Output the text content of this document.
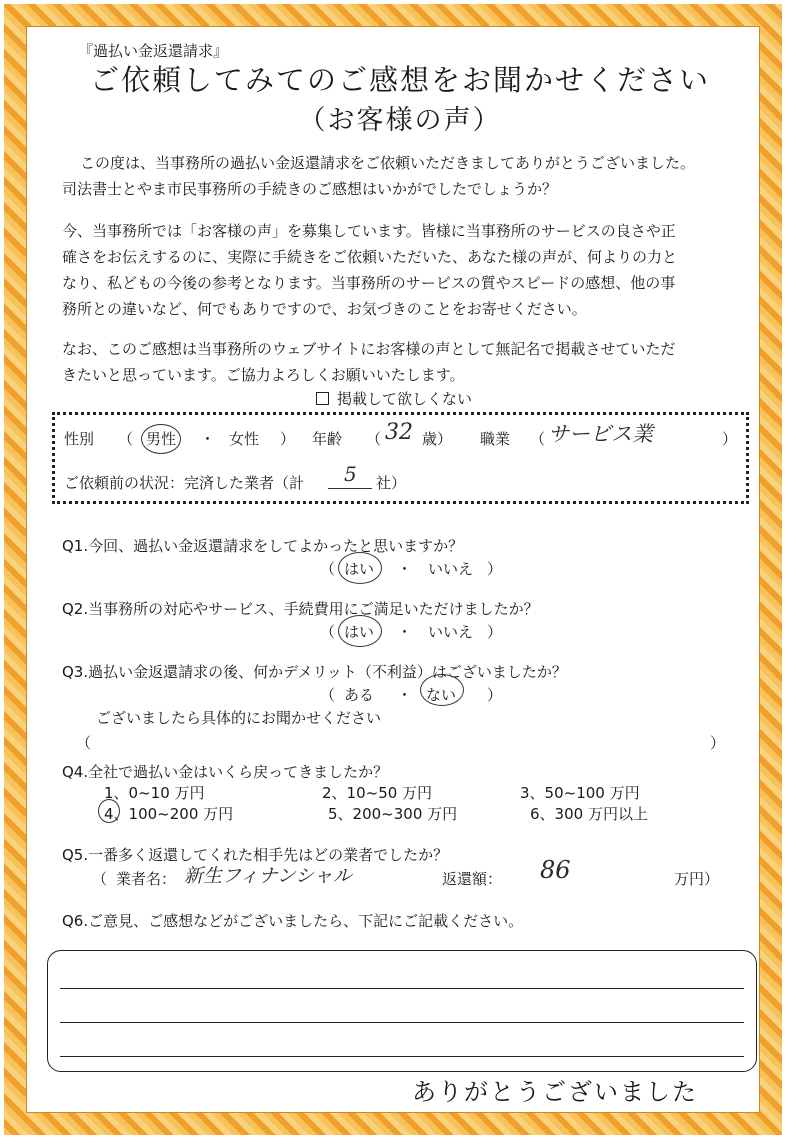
『過払い金返還請求』
ご依頼してみてのご感想をお聞かせください
（お客様の声）
この度は、当事務所の過払い金返還請求をご依頼いただきましてありがとうございました。
司法書士とやま市民事務所の手続きのご感想はいかがでしたでしょうか？
今、当事務所では「お客様の声」を募集しています。皆様に当事務所のサービスの良さや正
確さをお伝えするのに、実際に手続きをご依頼いただいた、あなた様の声が、何よりの力と
なり、私どもの今後の参考となります。当事務所のサービスの質やスピードの感想、他の事
務所との違いなど、何でもありですので、お気づきのことをお寄せください。
なお、このご感想は当事務所のウェブサイトにお客様の声として無記名で掲載させていただ
きたいと思っています。ご協力よろしくお願いいたします。
掲載して欲しくない
性別 （ 男性 ・ 女性 ） 年齢 （ 32 歳） 職業 （ サービス業	）
ご依頼前の状況：完済した業者（計 5 社）
Q1.今回、過払い金返還請求をしてよかったと思いますか？
（ はい ・ いいえ ）
Q2.当事務所の対応やサービス、手続費用にご満足いただけましたか？
（ はい ・ いいえ ）
Q3.過払い金返還請求の後、何かデメリット（不利益）はございましたか？
（ ある ・ ない ）
ございましたら具体的にお聞かせください
（	）
Q4.全社で過払い金はいくら戻ってきましたか？
1、0~10 万円	2、10~50 万円	3、50~100 万円
4、100~200 万円	5、200~300 万円	6、300 万円以上
Q5.一番多く返還してくれた相手先はどの業者でしたか？
（ 業者名： 新生フィナンシャル	返還額： 86	万円）
Q6.ご意見、ご感想などがございましたら、下記にご記載ください。
ありがとうございました
